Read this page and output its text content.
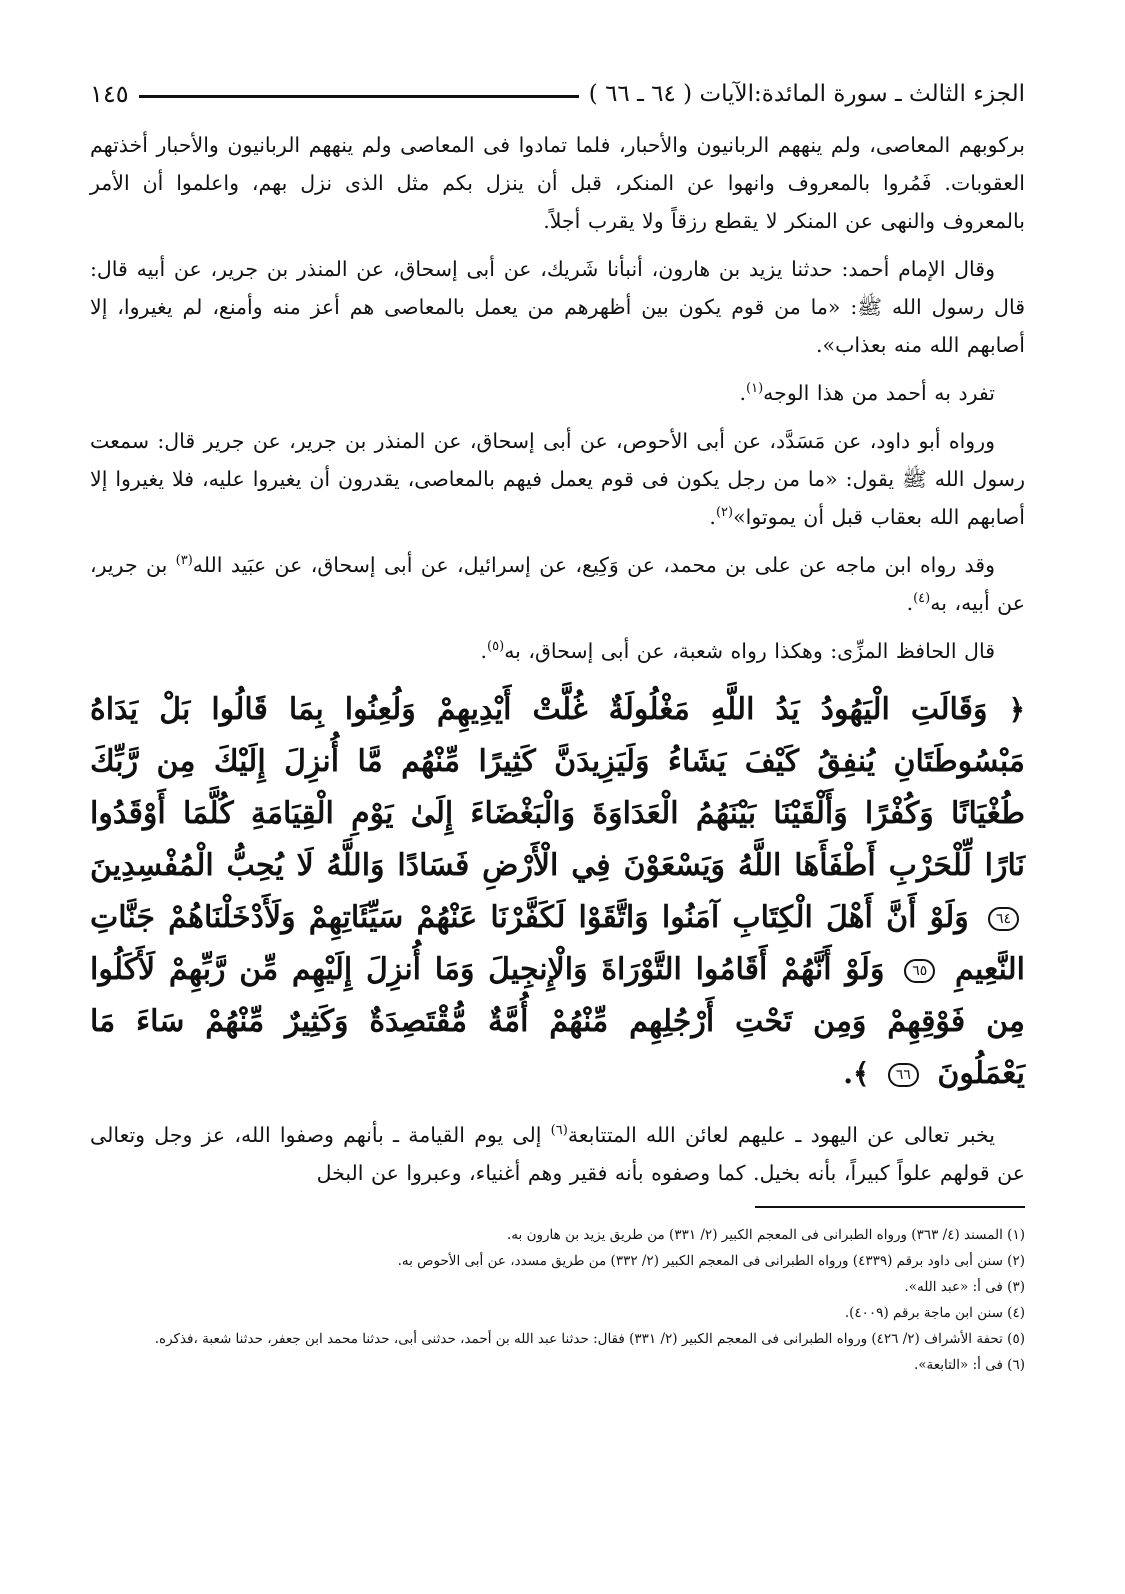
الجزء الثالث ـ سورة المائدة:الآيات ( ٦٤ ـ ٦٦ )
١٤٥

بركوبهم المعاصى، ولم ينههم الربانيون والأحبار، فلما تمادوا فى المعاصى ولم ينههم الربانيون والأحبار أخذتهم العقوبات. فَمُروا بالمعروف وانهوا عن المنكر، قبل أن ينزل بكم مثل الذى نزل بهم، واعلموا أن الأمر بالمعروف والنهى عن المنكر لا يقطع رزقاً ولا يقرب أجلاً.

وقال الإمام أحمد: حدثنا يزيد بن هارون، أنبأنا شَريك، عن أبى إسحاق، عن المنذر بن جرير، عن أبيه قال: قال رسول الله ﷺ: «ما من قوم يكون بين أظهرهم من يعمل بالمعاصى هم أعز منه وأمنع، لم يغيروا، إلا أصابهم الله منه بعذاب».

تفرد به أحمد من هذا الوجه$^{(١)}$.

ورواه أبو داود، عن مَسَدَّد، عن أبى الأحوص، عن أبى إسحاق، عن المنذر بن جرير، عن جرير قال: سمعت رسول الله ﷺ يقول: «ما من رجل يكون فى قوم يعمل فيهم بالمعاصى، يقدرون أن يغيروا عليه، فلا يغيروا إلا أصابهم الله بعقاب قبل أن يموتوا»$^{(٢)}$.

وقد رواه ابن ماجه عن على بن محمد، عن وَكِيع، عن إسرائيل، عن أبى إسحاق، عن عبَيد الله$^{(٣)}$ بن جرير، عن أبيه، به$^{(٤)}$.

قال الحافظ المزِّى: وهكذا رواه شعبة، عن أبى إسحاق، به$^{(٥)}$.

﴿ وَقَالَتِ الْيَهُودُ يَدُ اللَّهِ مَغْلُولَةٌ غُلَّتْ أَيْدِيهِمْ وَلُعِنُوا بِمَا قَالُوا بَلْ يَدَاهُ مَبْسُوطَتَانِ يُنفِقُ كَيْفَ يَشَاءُ وَلَيَزِيدَنَّ كَثِيرًا مِّنْهُم مَّا أُنزِلَ إِلَيْكَ مِن رَّبِّكَ طُغْيَانًا وَكُفْرًا وَأَلْقَيْنَا بَيْنَهُمُ الْعَدَاوَةَ وَالْبَغْضَاءَ إِلَىٰ يَوْمِ الْقِيَامَةِ كُلَّمَا أَوْقَدُوا نَارًا لِّلْحَرْبِ أَطْفَأَهَا اللَّهُ وَيَسْعَوْنَ فِي الْأَرْضِ فَسَادًا وَاللَّهُ لَا يُحِبُّ الْمُفْسِدِينَ ٦٤ وَلَوْ أَنَّ أَهْلَ الْكِتَابِ آمَنُوا وَاتَّقَوْا لَكَفَّرْنَا عَنْهُمْ سَيِّئَاتِهِمْ وَلَأَدْخَلْنَاهُمْ جَنَّاتِ النَّعِيمِ ٦٥ وَلَوْ أَنَّهُمْ أَقَامُوا التَّوْرَاةَ وَالْإِنجِيلَ وَمَا أُنزِلَ إِلَيْهِم مِّن رَّبِّهِمْ لَأَكَلُوا مِن فَوْقِهِمْ وَمِن تَحْتِ أَرْجُلِهِم مِّنْهُمْ أُمَّةٌ مُّقْتَصِدَةٌ وَكَثِيرٌ مِّنْهُمْ سَاءَ مَا يَعْمَلُونَ ٦٦ ﴾.

يخبر تعالى عن اليهود ـ عليهم لعائن الله المتتابعة$^{(٦)}$ إلى يوم القيامة ـ بأنهم وصفوا الله، عز وجل وتعالى عن قولهم علواً كبيراً، بأنه بخيل. كما وصفوه بأنه فقير وهم أغنياء، وعبروا عن البخل

(١) المسند (٤/ ٣٦٣) ورواه الطبرانى فى المعجم الكبير (٢/ ٣٣١) من طريق يزيد بن هارون به.

(٢) سنن أبى داود برقم (٤٣٣٩) ورواه الطبرانى فى المعجم الكبير (٢/ ٣٣٢) من طريق مسدد، عن أبى الأحوص به.

(٣) فى أ: «عبد الله».

(٤) سنن ابن ماجة برقم (٤٠٠٩).

(٥) تحفة الأشراف (٢/ ٤٢٦) ورواه الطبرانى فى المعجم الكبير (٢/ ٣٣١) فقال: حدثنا عبد الله بن أحمد، حدثنى أبى، حدثنا محمد ابن جعفر، حدثنا شعبة ،فذكره.

(٦) فى أ: «التابعة».
